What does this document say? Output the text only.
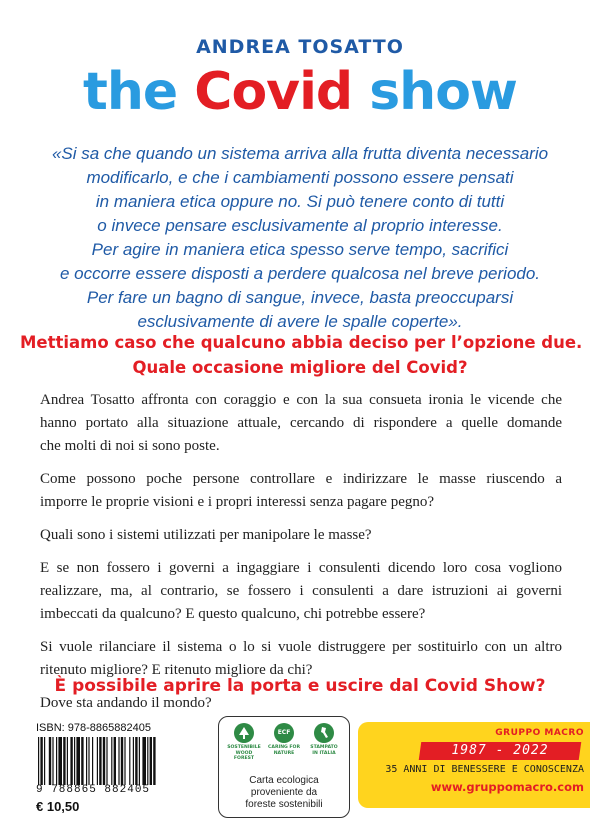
ANDREA TOSATTO
the Covid show
«Si sa che quando un sistema arriva alla frutta diventa necessario
modificarlo, e che i cambiamenti possono essere pensati
in maniera etica oppure no. Si può tenere conto di tutti
o invece pensare esclusivamente al proprio interesse.
Per agire in maniera etica spesso serve tempo, sacrifici
e occorre essere disposti a perdere qualcosa nel breve periodo.
Per fare un bagno di sangue, invece, basta preoccuparsi
esclusivamente di avere le spalle coperte».
Mettiamo caso che qualcuno abbia deciso per l’opzione due.
Quale occasione migliore del Covid?

Andrea Tosatto affronta con coraggio e con la sua consueta ironia le vicende che
hanno portato alla situazione attuale, cercando di rispondere a quelle domande
che molti di noi si sono poste.

Come possono poche persone controllare e indirizzare le masse riuscendo a
imporre le proprie visioni e i propri interessi senza pagare pegno?

Quali sono i sistemi utilizzati per manipolare le masse?

E se non fossero i governi a ingaggiare i consulenti dicendo loro cosa vogliono
realizzare, ma, al contrario, se fossero i consulenti a dare istruzioni ai governi
imbeccati da qualcuno? E questo qualcuno, chi potrebbe essere?

Si vuole rilanciare il sistema o lo si vuole distruggere per sostituirlo con un altro
ritenuto migliore? E ritenuto migliore da chi?

Dove sta andando il mondo?

È possibile aprire la porta e uscire dal Covid Show?
ISBN: 978-8865882405
9 788865 882405
€ 10,50
SOSTENIBILE
WOOD FOREST
ECF
CARING FOR
NATURE
STAMPATO
IN ITALIA
Carta ecologica
proveniente da
foreste sostenibili
GRUPPO MACRO
1987 - 2022
35 ANNI DI BENESSERE E CONOSCENZA
www.gruppomacro.com
